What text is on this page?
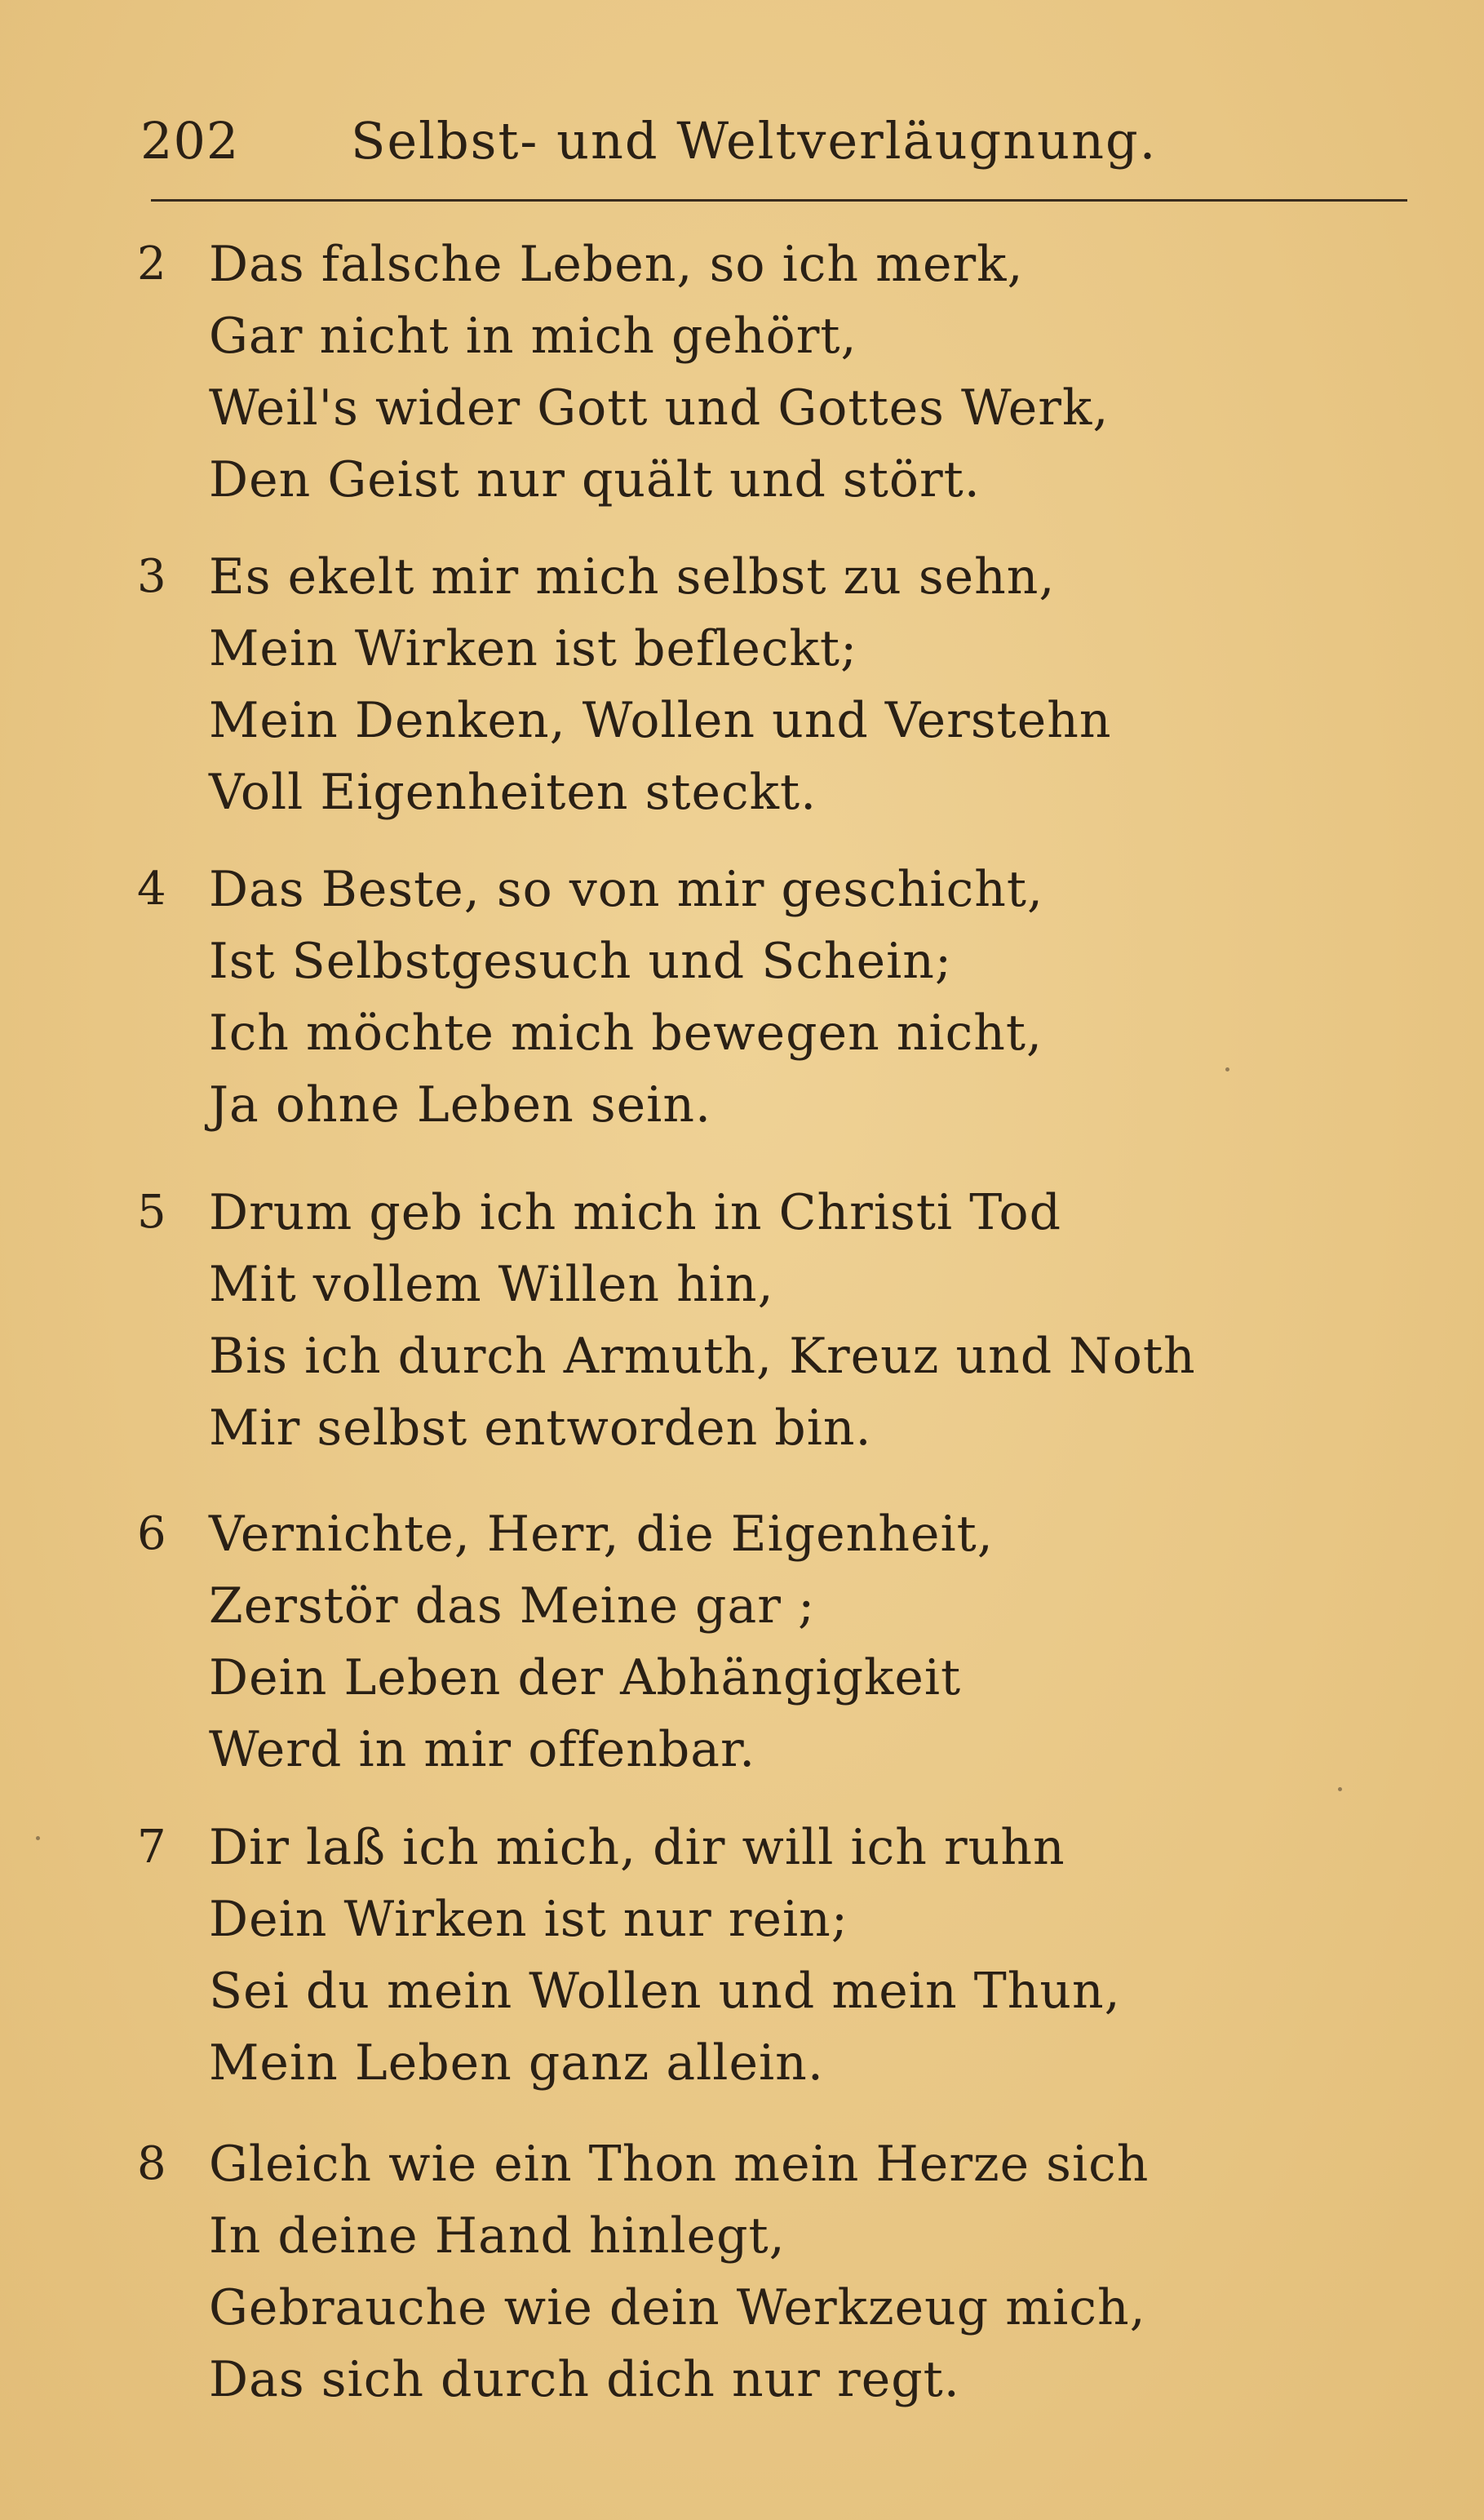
202 Selbst- und Weltverläugnung.
2 Das falsche Leben, so ich merk,
Gar nicht in mich gehört,
Weil's wider Gott und Gottes Werk,
Den Geist nur quält und stört.
3 Es ekelt mir mich selbst zu sehn,
Mein Wirken ist befleckt;
Mein Denken, Wollen und Verstehn
Voll Eigenheiten steckt.
4 Das Beste, so von mir geschicht,
Ist Selbstgesuch und Schein;
Ich möchte mich bewegen nicht,
Ja ohne Leben sein.
5 Drum geb ich mich in Christi Tod
Mit vollem Willen hin,
Bis ich durch Armuth, Kreuz und Noth
Mir selbst entworden bin.
6 Vernichte, Herr, die Eigenheit,
Zerstör das Meine gar ;
Dein Leben der Abhängigkeit
Werd in mir offenbar.
7 Dir laß ich mich, dir will ich ruhn
Dein Wirken ist nur rein;
Sei du mein Wollen und mein Thun,
Mein Leben ganz allein.
8 Gleich wie ein Thon mein Herze sich
In deine Hand hinlegt,
Gebrauche wie dein Werkzeug mich,
Das sich durch dich nur regt.
